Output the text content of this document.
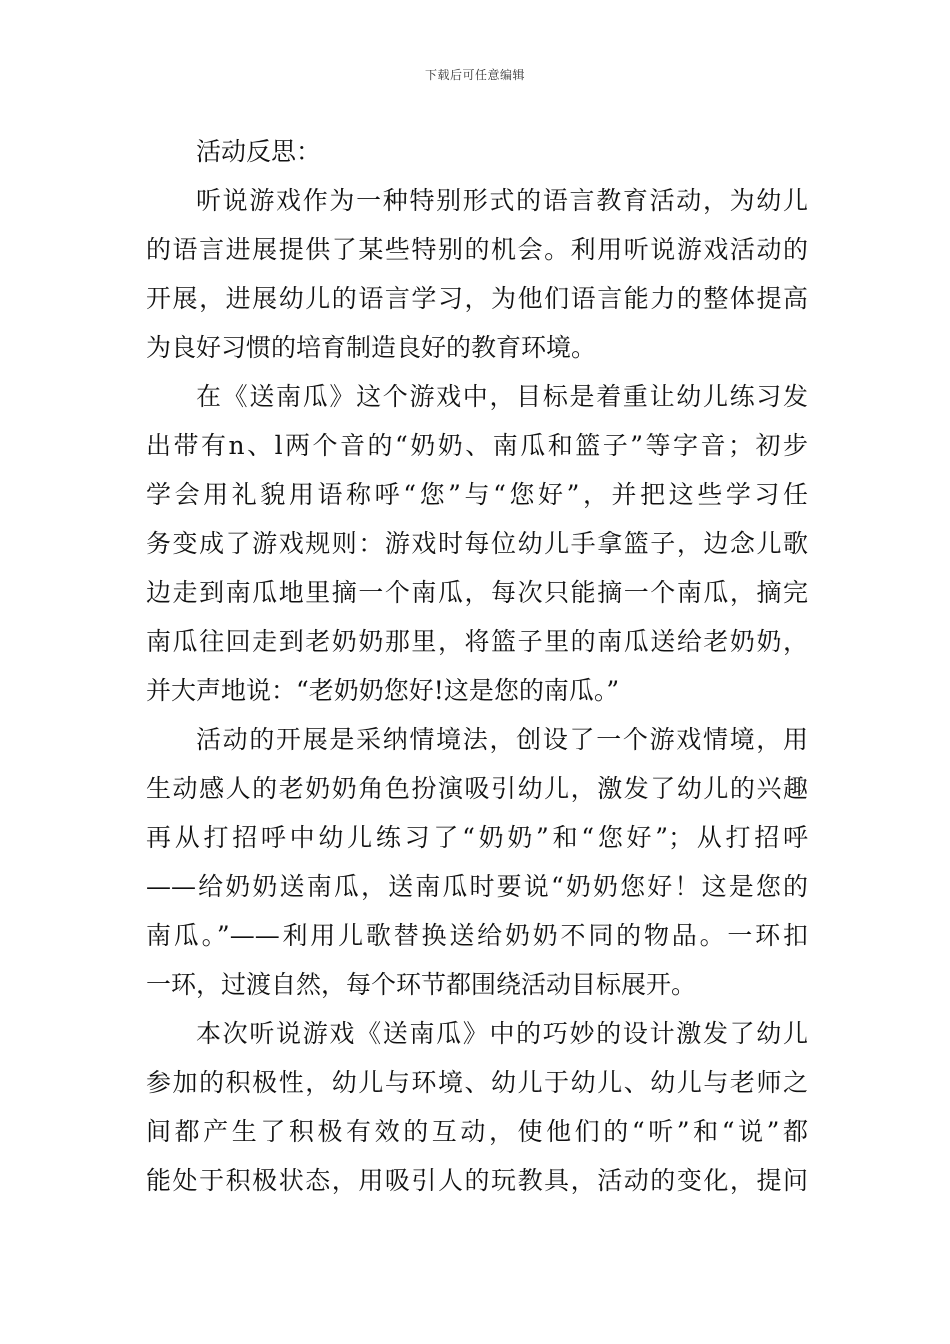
下载后可任意编辑
活动反思：
听说游戏作为一种特别形式的语言教育活动，为幼儿
的语言进展提供了某些特别的机会。利用听说游戏活动的
开展，进展幼儿的语言学习，为他们语言能力的整体提高
为良好习惯的培育制造良好的教育环境。
在《送南瓜》这个游戏中，目标是着重让幼儿练习发
出带有n、l两个音的“奶奶、南瓜和篮子”等字音；初步
学会用礼貌用语称呼“您”与“您好”，并把这些学习任
务变成了游戏规则：游戏时每位幼儿手拿篮子，边念儿歌
边走到南瓜地里摘一个南瓜，每次只能摘一个南瓜，摘完
南瓜往回走到老奶奶那里，将篮子里的南瓜送给老奶奶，
并大声地说：“老奶奶您好!这是您的南瓜。”
活动的开展是采纳情境法，创设了一个游戏情境，用
生动感人的老奶奶角色扮演吸引幼儿，激发了幼儿的兴趣
再从打招呼中幼儿练习了“奶奶”和“您好”；从打招呼
——给奶奶送南瓜，送南瓜时要说“奶奶您好！这是您的
南瓜。”——利用儿歌替换送给奶奶不同的物品。一环扣
一环，过渡自然，每个环节都围绕活动目标展开。
本次听说游戏《送南瓜》中的巧妙的设计激发了幼儿
参加的积极性，幼儿与环境、幼儿于幼儿、幼儿与老师之
间都产生了积极有效的互动，使他们的“听”和“说”都
能处于积极状态，用吸引人的玩教具，活动的变化，提问
